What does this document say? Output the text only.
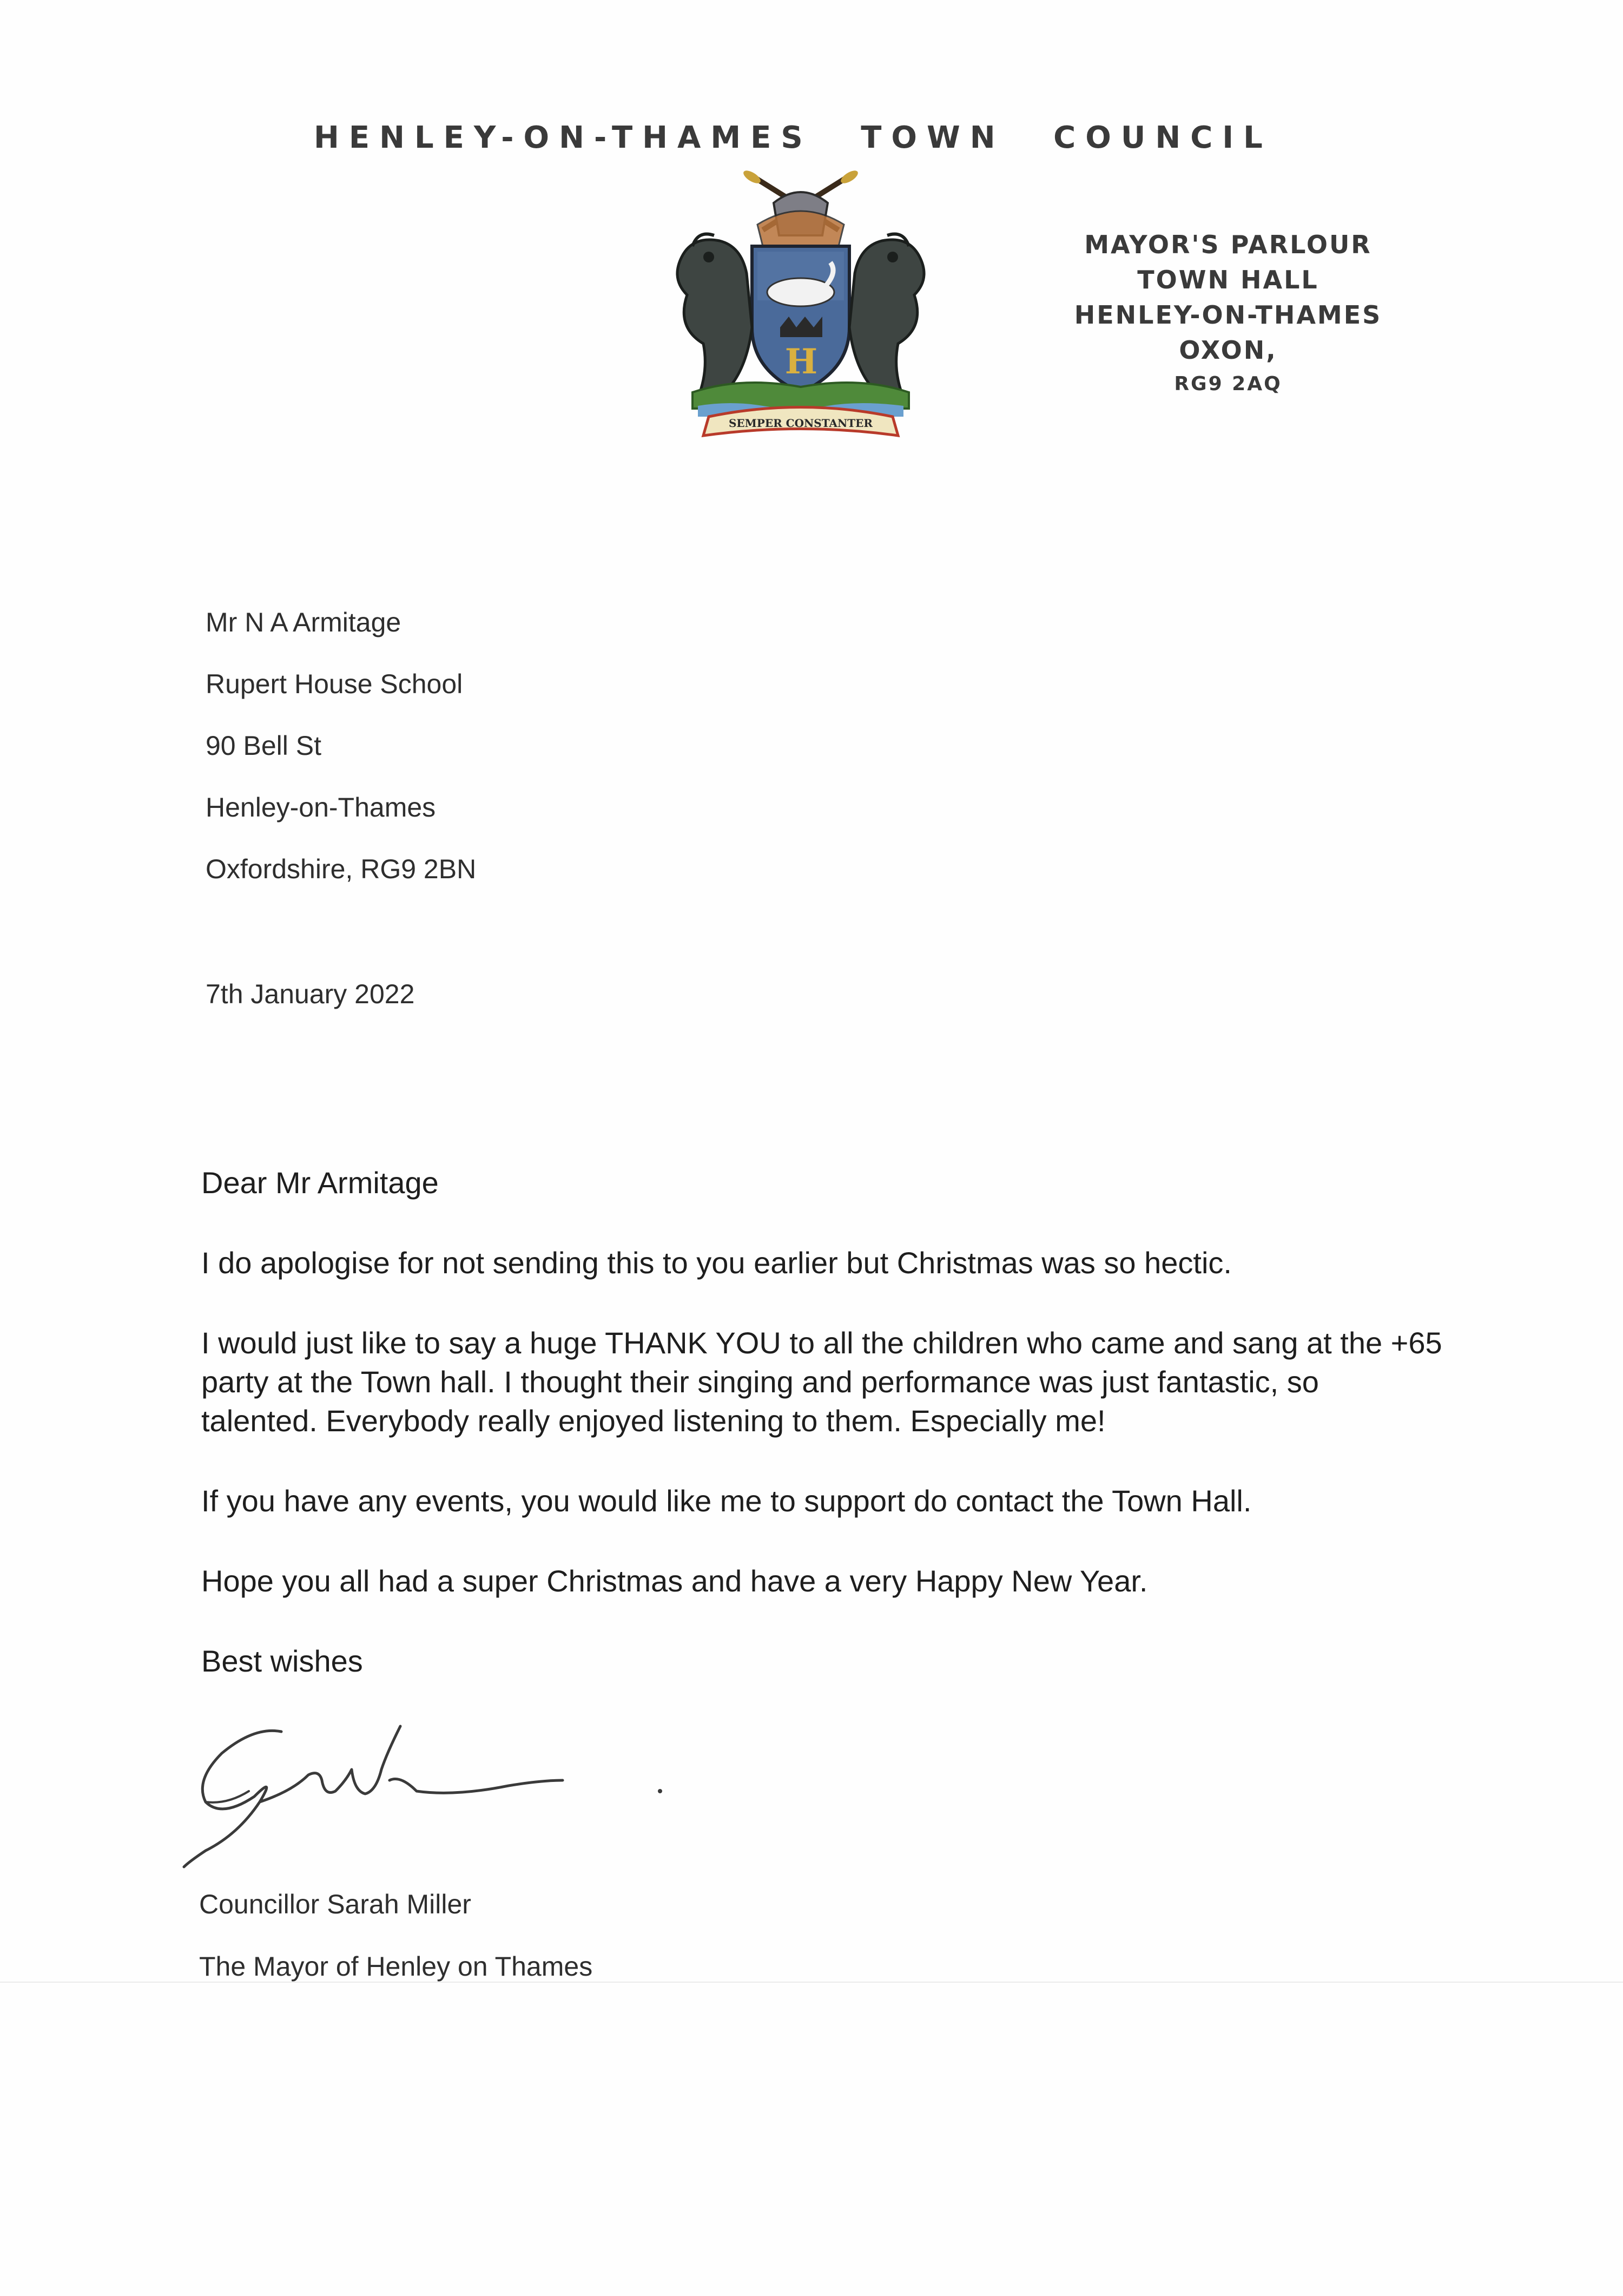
HENLEY-ON-THAMES TOWN COUNCIL
H
SEMPER CONSTANTER
MAYOR'S PARLOUR
TOWN HALL
HENLEY-ON-THAMES
OXON,
RG9 2AQ
Mr N A Armitage
Rupert House School
90 Bell St
Henley-on-Thames
Oxfordshire, RG9 2BN
7th January 2022

Dear Mr Armitage

I do apologise for not sending this to you earlier but Christmas was so hectic.

I would just like to say a huge THANK YOU to all the children who came and sang at the +65
party at the Town hall. I thought their singing and performance was just fantastic, so
talented. Everybody really enjoyed listening to them. Especially me!

If you have any events, you would like me to support do contact the Town Hall.

Hope you all had a super Christmas and have a very Happy New Year.

Best wishes

Councillor Sarah Miller
The Mayor of Henley on Thames
